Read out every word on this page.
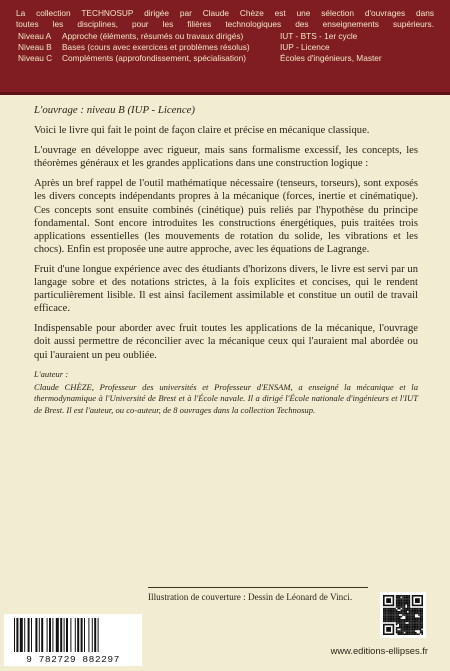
La collection TECHNOSUP dirigée par Claude Chèze est une sélection d'ouvrages dans
toutes les disciplines, pour les filières technologiques des enseignements supérieurs.
Niveau A Approche (éléments, résumés ou travaux dirigés)	IUT - BTS - 1er cycle
Niveau B Bases (cours avec exercices et problèmes résolus)	IUP - Licence
Niveau C Compléments (approfondissement, spécialisation)	Écoles d'ingénieurs, Master
L'ouvrage : niveau B (IUP - Licence)

Voici le livre qui fait le point de façon claire et précise en mécanique classique.

L'ouvrage en développe avec rigueur, mais sans formalisme excessif, les concepts, les théorèmes généraux et les grandes applications dans une construction logique :

Après un bref rappel de l'outil mathématique nécessaire (tenseurs, torseurs), sont exposés les divers concepts indépendants propres à la mécanique (forces, inertie et cinématique). Ces concepts sont ensuite combinés (cinétique) puis reliés par l'hypothèse du principe fondamental. Sont encore introduites les constructions énergétiques, puis traitées trois applications essentielles (les mouvements de rotation du solide, les vibrations et les chocs). Enfin est proposée une autre approche, avec les équations de Lagrange.

Fruit d'une longue expérience avec des étudiants d'horizons divers, le livre est servi par un langage sobre et des notations strictes, à la fois explicites et concises, qui le rendent particulièrement lisible. Il est ainsi facilement assimilable et constitue un outil de travail efficace.

Indispensable pour aborder avec fruit toutes les applications de la mécanique, l'ouvrage doit aussi permettre de réconcilier avec la mécanique ceux qui l'auraient mal abordée ou qui l'auraient un peu oubliée.

L'auteur :
Claude CHÈZE, Professeur des universités et Professeur d'ENSAM, a enseigné la mécanique et la thermodynamique à l'Université de Brest et à l'École navale. Il a dirigé l'École nationale d'ingénieurs et l'IUT de Brest. Il est l'auteur, ou co-auteur, de 8 ouvrages dans la collection Technosup.
Illustration de couverture : Dessin de Léonard de Vinci.
9 782729 882297
www.editions-ellipses.fr
